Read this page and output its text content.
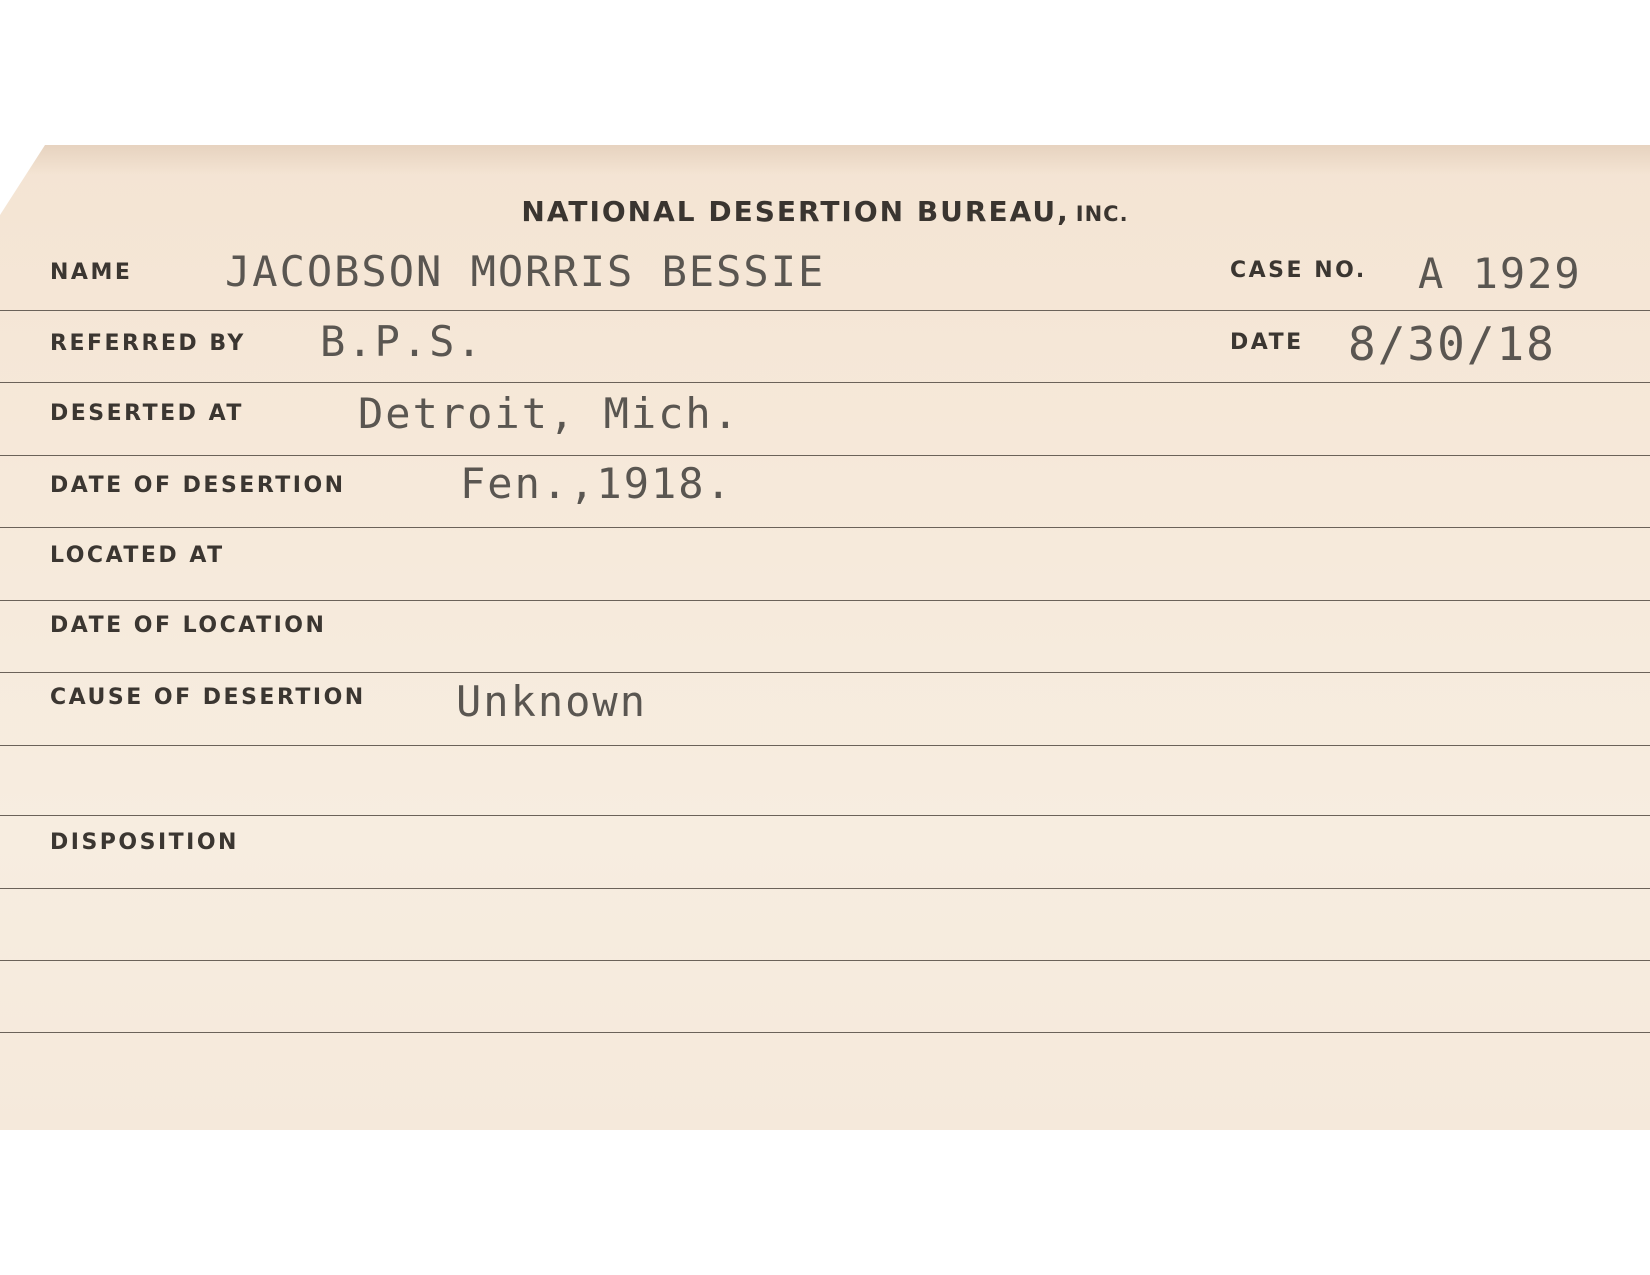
NATIONAL DESERTION BUREAU, INC.
NAME JACOBSON MORRIS BESSIE	CASE NO. A 1929
REFERRED BY B.P.S.	DATE 8/30/18
DESERTED AT	Detroit, Mich.
DATE OF DESERTION	Fen.,1918.
LOCATED AT
DATE OF LOCATION
CAUSE OF DESERTION Unknown
DISPOSITION
